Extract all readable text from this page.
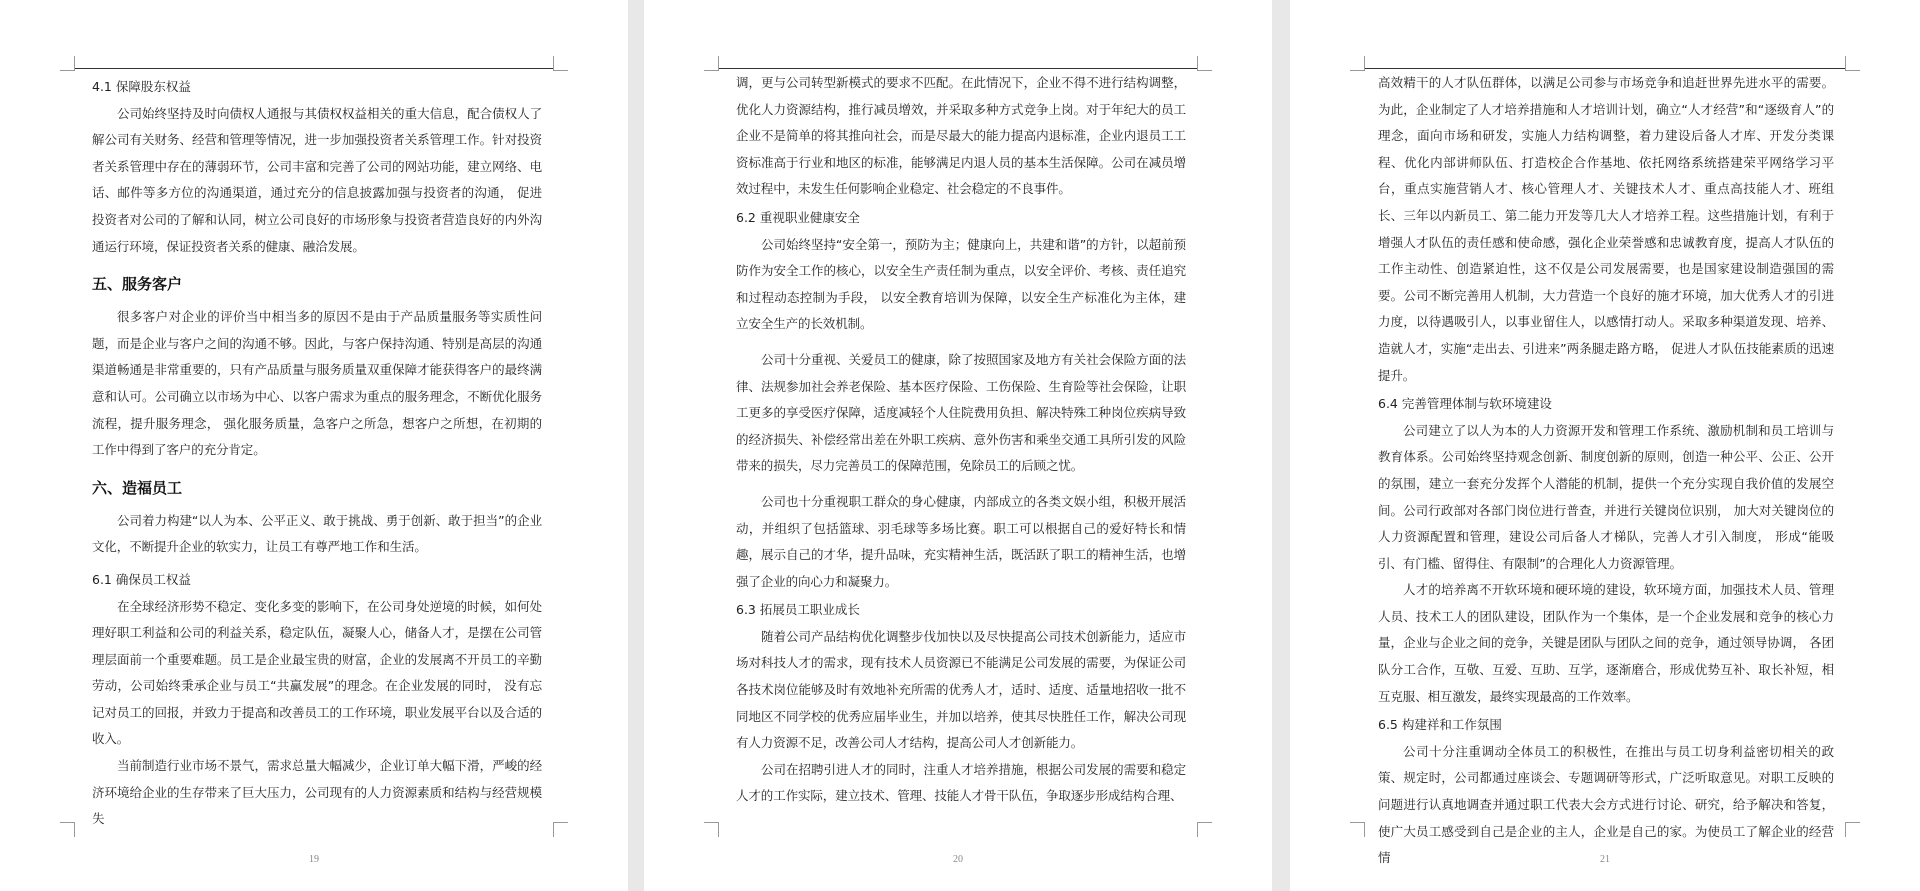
4.1 保障股东权益

公司始终坚持及时向债权人通报与其债权权益相关的重大信息，配合债权人了解公司有关财务、经营和管理等情况，进一步加强投资者关系管理工作。针对投资者关系管理中存在的薄弱环节，公司丰富和完善了公司的网站功能，建立网络、电话、邮件等多方位的沟通渠道，通过充分的信息披露加强与投资者的沟通， 促进投资者对公司的了解和认同，树立公司良好的市场形象与投资者营造良好的内外沟通运行环境，保证投资者关系的健康、融洽发展。

五、服务客户

很多客户对企业的评价当中相当多的原因不是由于产品质量服务等实质性问题，而是企业与客户之间的沟通不够。因此，与客户保持沟通、特别是高层的沟通渠道畅通是非常重要的，只有产品质量与服务质量双重保障才能获得客户的最终满意和认可。公司确立以市场为中心、以客户需求为重点的服务理念，不断优化服务流程，提升服务理念， 强化服务质量，急客户之所急，想客户之所想，在初期的工作中得到了客户的充分肯定。

六、造福员工

公司着力构建“以人为本、公平正义、敢于挑战、勇于创新、敢于担当”的企业文化，不断提升企业的软实力，让员工有尊严地工作和生活。

6.1 确保员工权益

在全球经济形势不稳定、变化多变的影响下，在公司身处逆境的时候，如何处理好职工利益和公司的利益关系，稳定队伍，凝聚人心，储备人才，是摆在公司管理层面前一个重要难题。员工是企业最宝贵的财富，企业的发展离不开员工的辛勤劳动，公司始终秉承企业与员工“共赢发展”的理念。在企业发展的同时， 没有忘记对员工的回报，并致力于提高和改善员工的工作环境，职业发展平台以及合适的收入。

当前制造行业市场不景气，需求总量大幅减少，企业订单大幅下滑，严峻的经济环境给企业的生存带来了巨大压力，公司现有的人力资源素质和结构与经营规模失

19

调，更与公司转型新模式的要求不匹配。在此情况下，企业不得不进行结构调整，优化人力资源结构，推行减员增效，并采取多种方式竞争上岗。对于年纪大的员工企业不是简单的将其推向社会，而是尽最大的能力提高内退标准，企业内退员工工资标准高于行业和地区的标准，能够满足内退人员的基本生活保障。公司在减员增效过程中，未发生任何影响企业稳定、社会稳定的不良事件。

6.2 重视职业健康安全

公司始终坚持“安全第一，预防为主；健康向上，共建和谐”的方针，以超前预防作为安全工作的核心，以安全生产责任制为重点，以安全评价、考核、责任追究和过程动态控制为手段， 以安全教育培训为保障，以安全生产标准化为主体，建立安全生产的长效机制。

公司十分重视、关爱员工的健康，除了按照国家及地方有关社会保险方面的法律、法规参加社会养老保险、基本医疗保险、工伤保险、生育险等社会保险，让职工更多的享受医疗保障，适度减轻个人住院费用负担、解决特殊工种岗位疾病导致的经济损失、补偿经常出差在外职工疾病、意外伤害和乘坐交通工具所引发的风险带来的损失，尽力完善员工的保障范围，免除员工的后顾之忧。

公司也十分重视职工群众的身心健康，内部成立的各类文娱小组，积极开展活动，并组织了包括篮球、羽毛球等多场比赛。职工可以根据自己的爱好特长和情趣，展示自己的才华，提升品味，充实精神生活，既活跃了职工的精神生活，也增强了企业的向心力和凝聚力。

6.3 拓展员工职业成长

随着公司产品结构优化调整步伐加快以及尽快提高公司技术创新能力，适应市场对科技人才的需求，现有技术人员资源已不能满足公司发展的需要，为保证公司各技术岗位能够及时有效地补充所需的优秀人才，适时、适度、适量地招收一批不同地区不同学校的优秀应届毕业生，并加以培养，使其尽快胜任工作，解决公司现有人力资源不足，改善公司人才结构，提高公司人才创新能力。

公司在招聘引进人才的同时，注重人才培养措施，根据公司发展的需要和稳定人才的工作实际，建立技术、管理、技能人才骨干队伍，争取逐步形成结构合理、

20

高效精干的人才队伍群体，以满足公司参与市场竞争和追赶世界先进水平的需要。为此，企业制定了人才培养措施和人才培训计划，确立“人才经营”和“逐级育人”的理念，面向市场和研发，实施人力结构调整，着力建设后备人才库、开发分类课程、优化内部讲师队伍、打造校企合作基地、依托网络系统搭建荣平网络学习平台，重点实施营销人才、核心管理人才、关键技术人才、重点高技能人才、班组长、三年以内新员工、第二能力开发等几大人才培养工程。这些措施计划，有利于增强人才队伍的责任感和使命感，强化企业荣誉感和忠诚教育度，提高人才队伍的工作主动性、创造紧迫性，这不仅是公司发展需要，也是国家建设制造强国的需要。公司不断完善用人机制，大力营造一个良好的施才环境，加大优秀人才的引进力度，以待遇吸引人，以事业留住人，以感情打动人。采取多种渠道发现、培养、造就人才，实施“走出去、引进来”两条腿走路方略， 促进人才队伍技能素质的迅速提升。

6.4 完善管理体制与软环境建设

公司建立了以人为本的人力资源开发和管理工作系统、激励机制和员工培训与教育体系。公司始终坚持观念创新、制度创新的原则，创造一种公平、公正、公开的氛围，建立一套充分发挥个人潜能的机制，提供一个充分实现自我价值的发展空间。公司行政部对各部门岗位进行普查，并进行关键岗位识别， 加大对关键岗位的人力资源配置和管理，建设公司后备人才梯队，完善人才引入制度， 形成“能吸引、有门槛、留得住、有限制”的合理化人力资源管理。

人才的培养离不开软环境和硬环境的建设，软环境方面，加强技术人员、管理人员、技术工人的团队建设，团队作为一个集体，是一个企业发展和竞争的核心力量，企业与企业之间的竞争，关键是团队与团队之间的竞争，通过领导协调， 各团队分工合作，互敬、互爱、互助、互学，逐渐磨合，形成优势互补、取长补短，相互克服、相互激发，最终实现最高的工作效率。

6.5 构建祥和工作氛围

公司十分注重调动全体员工的积极性，在推出与员工切身利益密切相关的政策、规定时，公司都通过座谈会、专题调研等形式，广泛听取意见。对职工反映的问题进行认真地调查并通过职工代表大会方式进行讨论、研究，给予解决和答复，使广大员工感受到自己是企业的主人，企业是自己的家。为使员工了解企业的经营情	21
